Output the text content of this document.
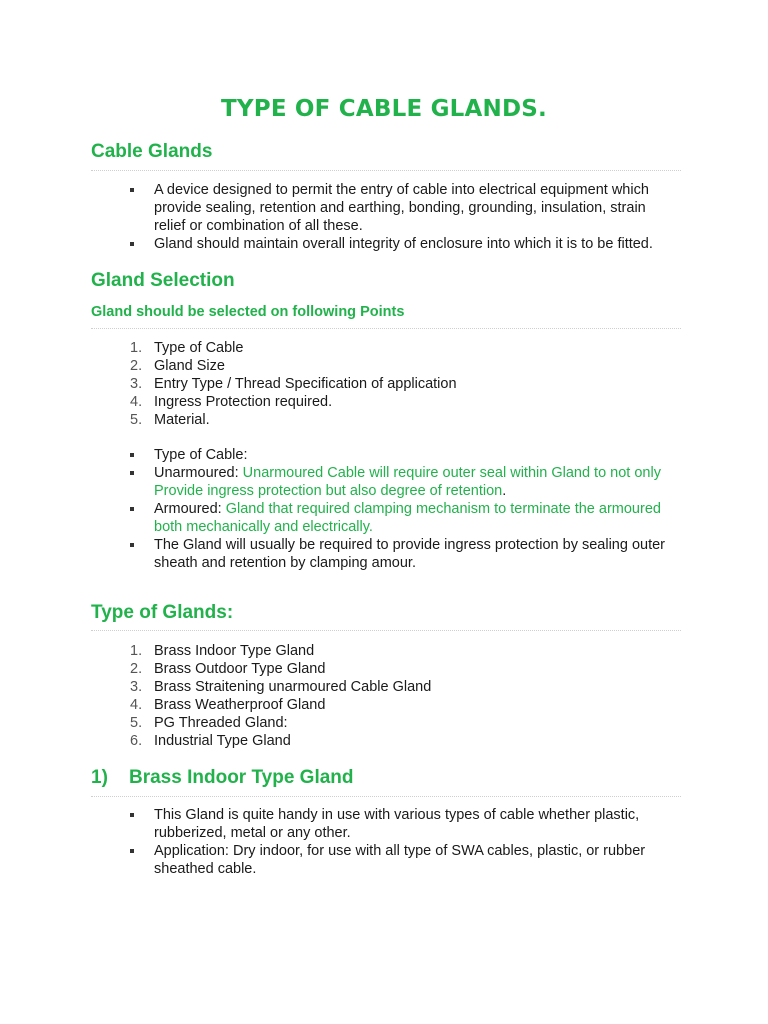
TYPE OF CABLE GLANDS.
Cable Glands
A device designed to permit the entry of cable into electrical equipment which provide sealing, retention and earthing, bonding, grounding, insulation, strain relief or combination of all these.
Gland should maintain overall integrity of enclosure into which it is to be fitted.
Gland Selection
Gland should be selected on following Points
1. Type of Cable
2. Gland Size
3. Entry Type / Thread Specification of application
4. Ingress Protection required.
5. Material.
Type of Cable:
Unarmoured: Unarmoured Cable will require outer seal within Gland to not only Provide ingress protection but also degree of retention.
Armoured: Gland that required clamping mechanism to terminate the armoured both mechanically and electrically.
The Gland will usually be required to provide ingress protection by sealing outer sheath and retention by clamping amour.
Type of Glands:
1. Brass Indoor Type Gland
2. Brass Outdoor Type Gland
3. Brass Straitening unarmoured Cable Gland
4. Brass Weatherproof Gland
5. PG Threaded Gland:
6. Industrial Type Gland
1) Brass Indoor Type Gland
This Gland is quite handy in use with various types of cable whether plastic, rubberized, metal or any other.
Application: Dry indoor, for use with all type of SWA cables, plastic, or rubber sheathed cable.
